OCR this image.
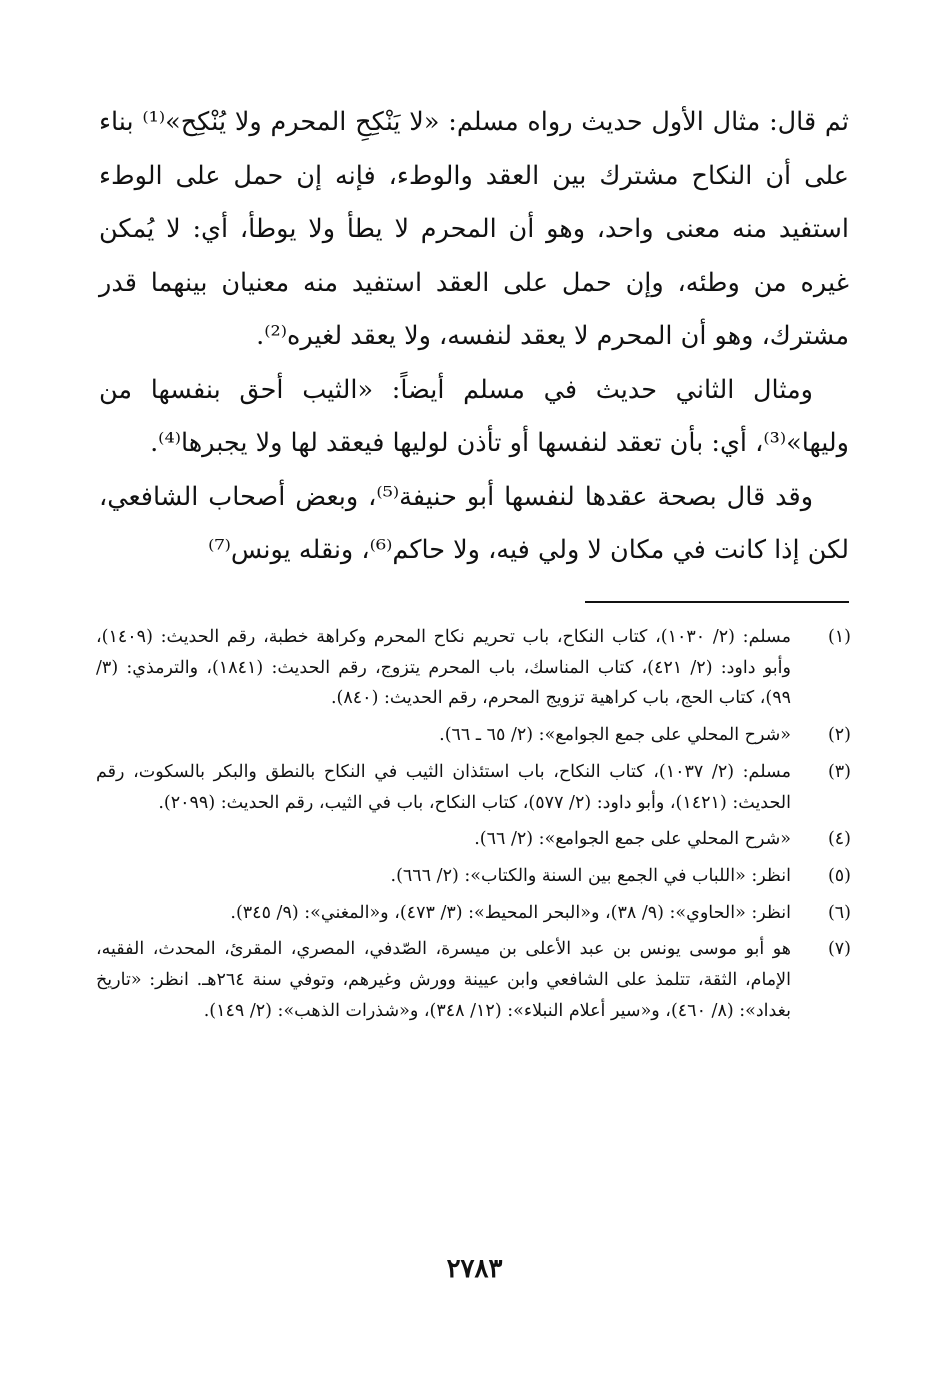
ثم قال: مثال الأول حديث رواه مسلم: «لا يَنْكِحِ المحرم ولا يُنْكِح»⁽¹⁾ بناء على أن النكاح مشترك بين العقد والوطء، فإنه إن حمل على الوطء استفيد منه معنى واحد، وهو أن المحرم لا يطأ ولا يوطأ، أي: لا يُمكن غيره من وطئه، وإن حمل على العقد استفيد منه معنيان بينهما قدر مشترك، وهو أن المحرم لا يعقد لنفسه، ولا يعقد لغيره⁽²⁾.

ومثال الثاني حديث في مسلم أيضاً: «الثيب أحق بنفسها من وليها»⁽³⁾، أي: بأن تعقد لنفسها أو تأذن لوليها فيعقد لها ولا يجبرها⁽⁴⁾.

وقد قال بصحة عقدها لنفسها أبو حنيفة⁽⁵⁾، وبعض أصحاب الشافعي، لكن إذا كانت في مكان لا ولي فيه، ولا حاكم⁽⁶⁾، ونقله يونس⁽⁷⁾

(١)
مسلم: (٢/ ١٠٣٠)، كتاب النكاح، باب تحريم نكاح المحرم وكراهة خطبة، رقم الحديث: (١٤٠٩)، وأبو داود: (٢/ ٤٢١)، كتاب المناسك، باب المحرم يتزوج، رقم الحديث: (١٨٤١)، والترمذي: (٣/ ٩٩)، كتاب الحج، باب كراهية تزويج المحرم، رقم الحديث: (٨٤٠).
(٢)
«شرح المحلي على جمع الجوامع»: (٢/ ٦٥ ـ ٦٦).
(٣)
مسلم: (٢/ ١٠٣٧)، كتاب النكاح، باب استئذان الثيب في النكاح بالنطق والبكر بالسكوت، رقم الحديث: (١٤٢١)، وأبو داود: (٢/ ٥٧٧)، كتاب النكاح، باب في الثيب، رقم الحديث: (٢٠٩٩).
(٤)
«شرح المحلي على جمع الجوامع»: (٢/ ٦٦).
(٥)
انظر: «اللباب في الجمع بين السنة والكتاب»: (٢/ ٦٦٦).
(٦)
انظر: «الحاوي»: (٩/ ٣٨)، و«البحر المحيط»: (٣/ ٤٧٣)، و«المغني»: (٩/ ٣٤٥).
(٧)
هو أبو موسى يونس بن عبد الأعلى بن ميسرة، الصّدفي، المصري، المقرئ، المحدث، الفقيه، الإمام، الثقة، تتلمذ على الشافعي وابن عيينة وورش وغيرهم، وتوفي سنة ٢٦٤هـ. انظر: «تاريخ بغداد»: (٨/ ٤٦٠)، و«سير أعلام النبلاء»: (١٢/ ٣٤٨)، و«شذرات الذهب»: (٢/ ١٤٩).
٢٧٨٣
